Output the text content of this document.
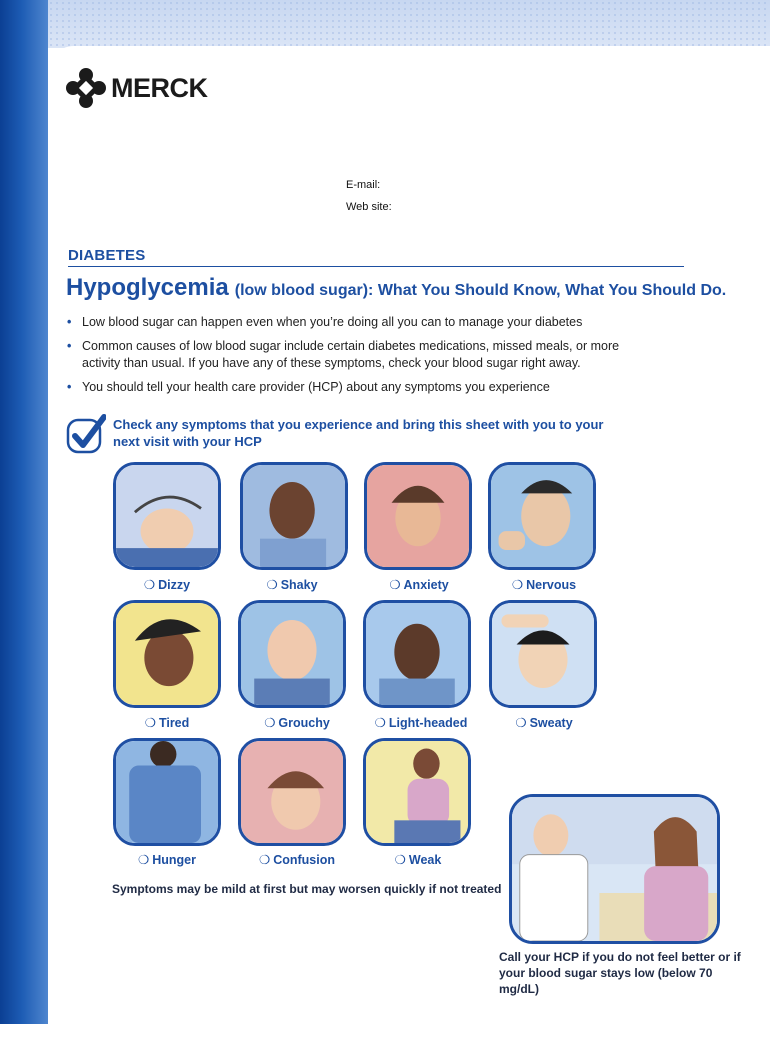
MERCK
E-mail:
Web site:
DIABETES
Hypoglycemia (low blood sugar): What You Should Know, What You Should Do.
• Low blood sugar can happen even when you’re doing all you can to manage your diabetes
• Common causes of low blood sugar include certain diabetes medications, missed meals, or more activity than usual. If you have any of these symptoms, check your blood sugar right away.
• You should tell your health care provider (HCP) about any symptoms you experience
Check any symptoms that you experience and bring this sheet with you to your next visit with your HCP
❍ Dizzy	❍ Shaky	❍ Anxiety	❍ Nervous
❍ Tired	❍ Grouchy	❍ Light-headed	❍ Sweaty
❍ Hunger	❍ Confusion	❍ Weak
Symptoms may be mild at first but may worsen quickly if not treated
Call your HCP if you do not feel better or if your blood sugar stays low (below 70 mg/dL)
